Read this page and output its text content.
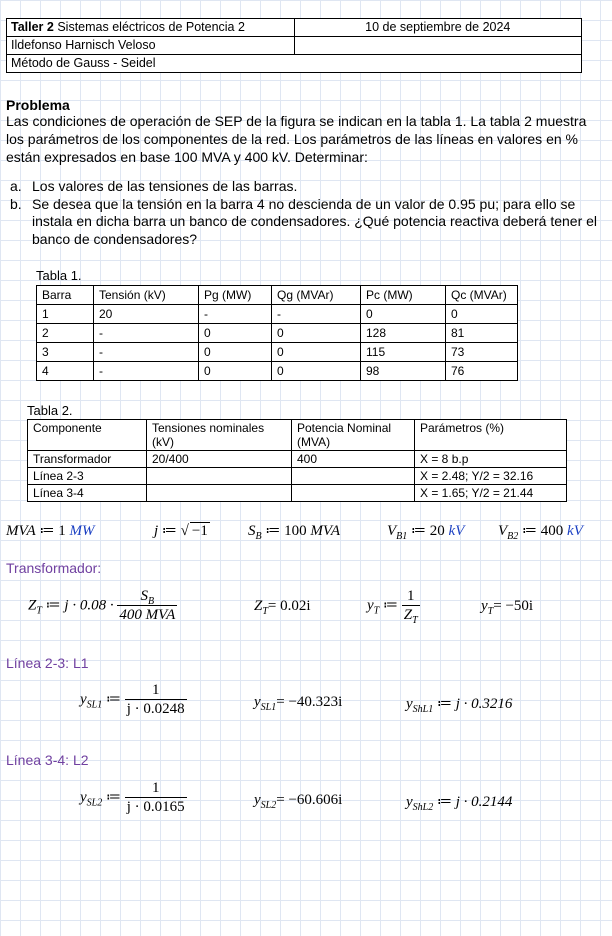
Taller 2 Sistemas eléctricos de Potencia 2	10 de septiembre de 2024
Ildefonso Harnisch Veloso	
Método de Gauss - Seidel	
Problema
Las condiciones de operación de SEP de la figura se indican en la tabla 1. La tabla 2 muestra los parámetros de los componentes de la red. Los parámetros de las líneas en valores en % están expresados en base 100 MVA y 400 kV. Determinar:
a. Los valores de las tensiones de las barras.
b. Se desea que la tensión en la barra 4 no descienda de un valor de 0.95 pu; para ello se instala en dicha barra un banco de condensadores. ¿Qué potencia reactiva deberá tener el banco de condensadores?
Tabla 1.
Barra	Tensión (kV)	Pg (MW)	Qg (MVAr)	Pc (MW)	Qc (MVAr)
1	20	-	-	0	0
2	-	0	0	128	81
3	-	0	0	115	73
4	-	0	0	98	76
Tabla 2.
Componente	Tensiones nominales (kV)	Potencia Nominal (MVA)	Parámetros (%)
Transformador	20/400	400	X = 8 b.p
Línea 2-3			X = 2.48; Y/2 = 32.16
Línea 3-4			X = 1.65; Y/2 = 21.44
MVA ≔ 1 MW	j ≔ √ −1	$S_B$ ≔ 100 MVA	$V_{B1}$ ≔ 20 kV $V_{B2}$ ≔ 400 kV
Transformador:
$Z_T$ ≔ $j \cdot 0.08 \cdot \frac{S_B}{\text{400 MVA}}$	$Z_T= 0.02i$	$y_T$ ≔ $\frac{1}{Z_T}$	$y_T= -50i$
Línea 2-3: L1
$y_{SL1}$ ≔ $\frac{1}{j \cdot 0.0248}$	$y_{SL1}= -40.323i$	$y_{ShL1}$ ≔ j · 0.3216
Línea 3-4: L2
$y_{SL2}$ ≔ $\frac{1}{j \cdot 0.0165}$	$y_{SL2}= -60.606i$	$y_{ShL2}$ ≔ j · 0.2144
